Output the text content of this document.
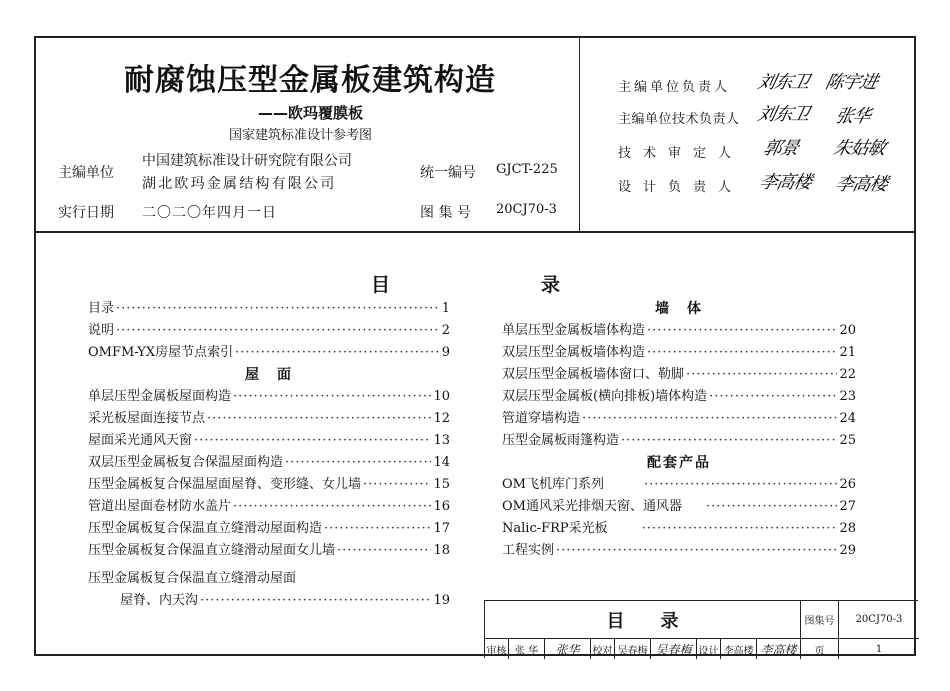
耐腐蚀压型金属板建筑构造
——欧玛覆膜板
国家建筑标准设计参考图
主编单位
中国建筑标准设计研究院有限公司
湖北欧玛金属结构有限公司
实行日期 二〇二〇年四月一日
统一编号 GJCT-225
图 集 号 20CJ70-3
主编单位负责人 刘东卫 陈宇进
主编单位技术负责人 刘东卫 张华
技术审定人 郭景 朱姑敏
设计负责人 李高楼 李高楼
目	录
目录 ·····	1
说明 ·····	2
OMFM-YX房屋节点索引 ·····	9
屋　面
单层压型金属板屋面构造 ·····	10
采光板屋面连接节点 ·····	12
屋面采光通风天窗 ·····	13
双层压型金属板复合保温屋面构造 ·····	14
压型金属板复合保温屋面屋脊、变形缝、女儿墙 ·····	15
管道出屋面卷材防水盖片 ·····	16
压型金属板复合保温直立缝滑动屋面构造 ·····	17
压型金属板复合保温直立缝滑动屋面女儿墙 ·····	18
压型金属板复合保温直立缝滑动屋面
屋脊、内天沟 ·····	19
墙　体
单层压型金属板墙体构造 ·····	20
双层压型金属板墙体构造 ·····	21
双层压型金属板墙体窗口、勒脚 ·····	22
双层压型金属板(横向排板)墙体构造 ·····	23
管道穿墙构造 ·····	24
压型金属板雨篷构造 ·····	25
配套产品
OM飞机库门系列 ·····	26
OM通风采光排烟天窗、通风器 ·····	27
Nalic-FRP采光板 ·····	28
工程实例 ·····	29
目　　录	图集号	20CJ70-3
审核 张 华	张华	校对 吴春梅 吴春梅 设计 李高楼 李高楼	页	1
